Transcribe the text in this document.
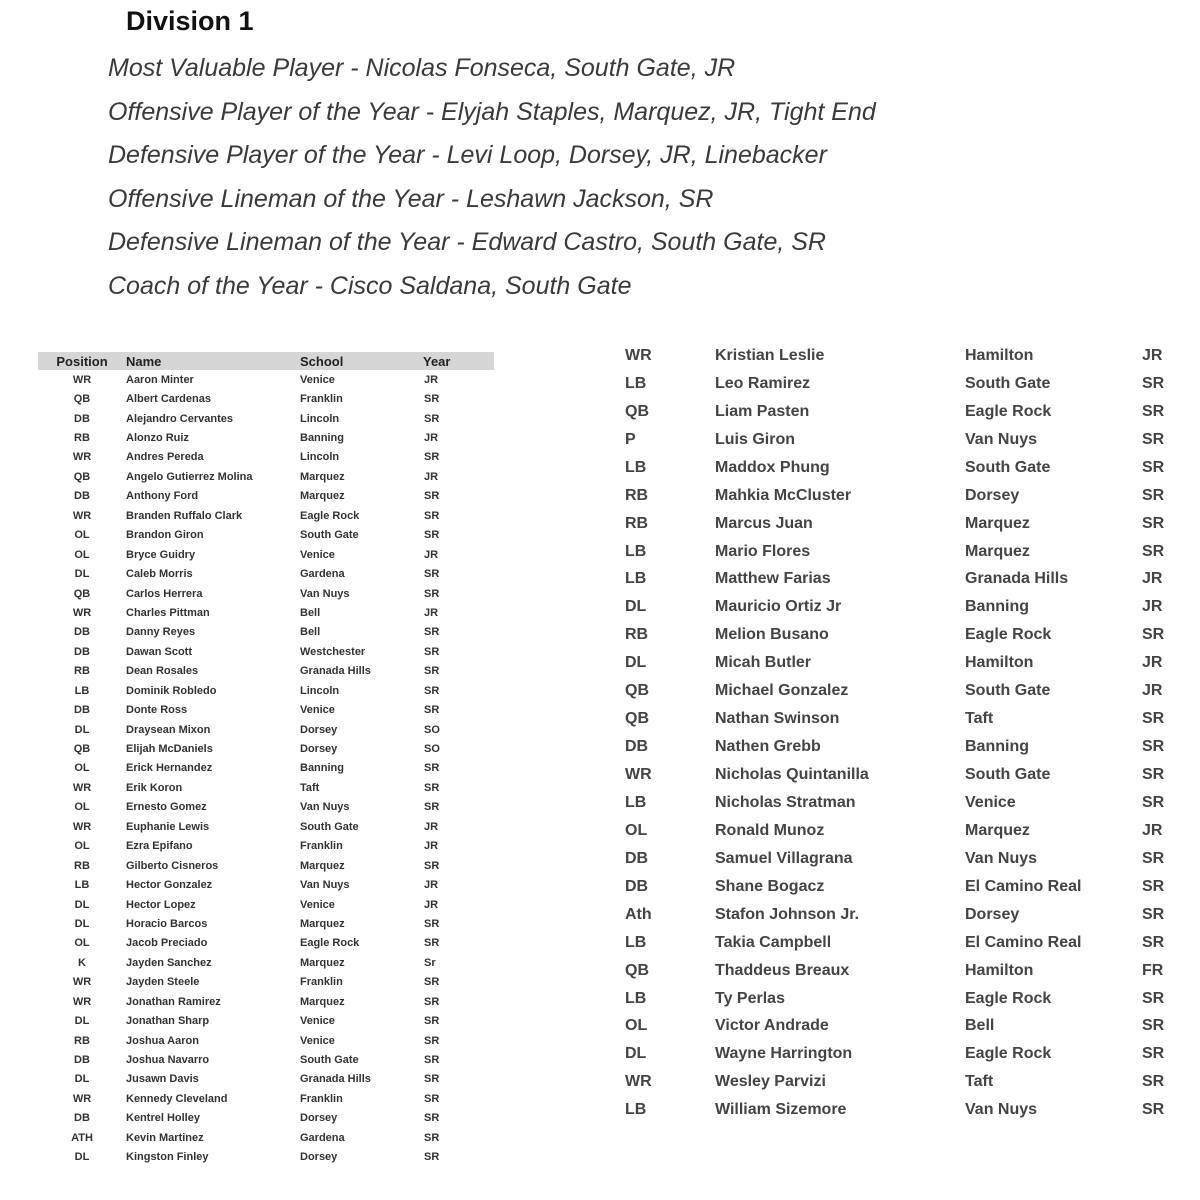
Division 1
Most Valuable Player - Nicolas Fonseca, South Gate, JR
Offensive Player of the Year - Elyjah Staples, Marquez, JR, Tight End
Defensive Player of the Year - Levi Loop, Dorsey, JR, Linebacker
Offensive Lineman of the Year - Leshawn Jackson, SR
Defensive Lineman of the Year - Edward Castro, South Gate, SR
Coach of the Year - Cisco Saldana, South Gate
Position	Name	School	Year
WR	Aaron Minter	Venice	JR
QB	Albert Cardenas	Franklin	SR
DB	Alejandro Cervantes	Lincoln	SR
RB	Alonzo Ruiz	Banning	JR
WR	Andres Pereda	Lincoln	SR
QB	Angelo Gutierrez Molina	Marquez	JR
DB	Anthony Ford	Marquez	SR
WR	Branden Ruffalo Clark	Eagle Rock	SR
OL	Brandon Giron	South Gate	SR
OL	Bryce Guidry	Venice	JR
DL	Caleb Morris	Gardena	SR
QB	Carlos Herrera	Van Nuys	SR
WR	Charles Pittman	Bell	JR
DB	Danny Reyes	Bell	SR
DB	Dawan Scott	Westchester	SR
RB	Dean Rosales	Granada Hills	SR
LB	Dominik Robledo	Lincoln	SR
DB	Donte Ross	Venice	SR
DL	Draysean Mixon	Dorsey	SO
QB	Elijah McDaniels	Dorsey	SO
OL	Erick Hernandez	Banning	SR
WR	Erik Koron	Taft	SR
OL	Ernesto Gomez	Van Nuys	SR
WR	Euphanie Lewis	South Gate	JR
OL	Ezra Epifano	Franklin	JR
RB	Gilberto Cisneros	Marquez	SR
LB	Hector Gonzalez	Van Nuys	JR
DL	Hector Lopez	Venice	JR
DL	Horacio Barcos	Marquez	SR
OL	Jacob Preciado	Eagle Rock	SR
K	Jayden Sanchez	Marquez	Sr
WR	Jayden Steele	Franklin	SR
WR	Jonathan Ramirez	Marquez	SR
DL	Jonathan Sharp	Venice	SR
RB	Joshua Aaron	Venice	SR
DB	Joshua Navarro	South Gate	SR
DL	Jusawn Davis	Granada Hills	SR
WR	Kennedy Cleveland	Franklin	SR
DB	Kentrel Holley	Dorsey	SR
ATH	Kevin Martinez	Gardena	SR
DL	Kingston Finley	Dorsey	SR
WR	Kristian Leslie	Hamilton	JR
LB	Leo Ramirez	South Gate	SR
QB	Liam Pasten	Eagle Rock	SR
P	Luis Giron	Van Nuys	SR
LB	Maddox Phung	South Gate	SR
RB	Mahkia McCluster	Dorsey	SR
RB	Marcus Juan	Marquez	SR
LB	Mario Flores	Marquez	SR
LB	Matthew Farias	Granada Hills	JR
DL	Mauricio Ortiz Jr	Banning	JR
RB	Melion Busano	Eagle Rock	SR
DL	Micah Butler	Hamilton	JR
QB	Michael Gonzalez	South Gate	JR
QB	Nathan Swinson	Taft	SR
DB	Nathen Grebb	Banning	SR
WR	Nicholas Quintanilla	South Gate	SR
LB	Nicholas Stratman	Venice	SR
OL	Ronald Munoz	Marquez	JR
DB	Samuel Villagrana	Van Nuys	SR
DB	Shane Bogacz	El Camino Real	SR
Ath	Stafon Johnson Jr.	Dorsey	SR
LB	Takia Campbell	El Camino Real	SR
QB	Thaddeus Breaux	Hamilton	FR
LB	Ty Perlas	Eagle Rock	SR
OL	Victor Andrade	Bell	SR
DL	Wayne Harrington	Eagle Rock	SR
WR	Wesley Parvizi	Taft	SR
LB	William Sizemore	Van Nuys	SR
